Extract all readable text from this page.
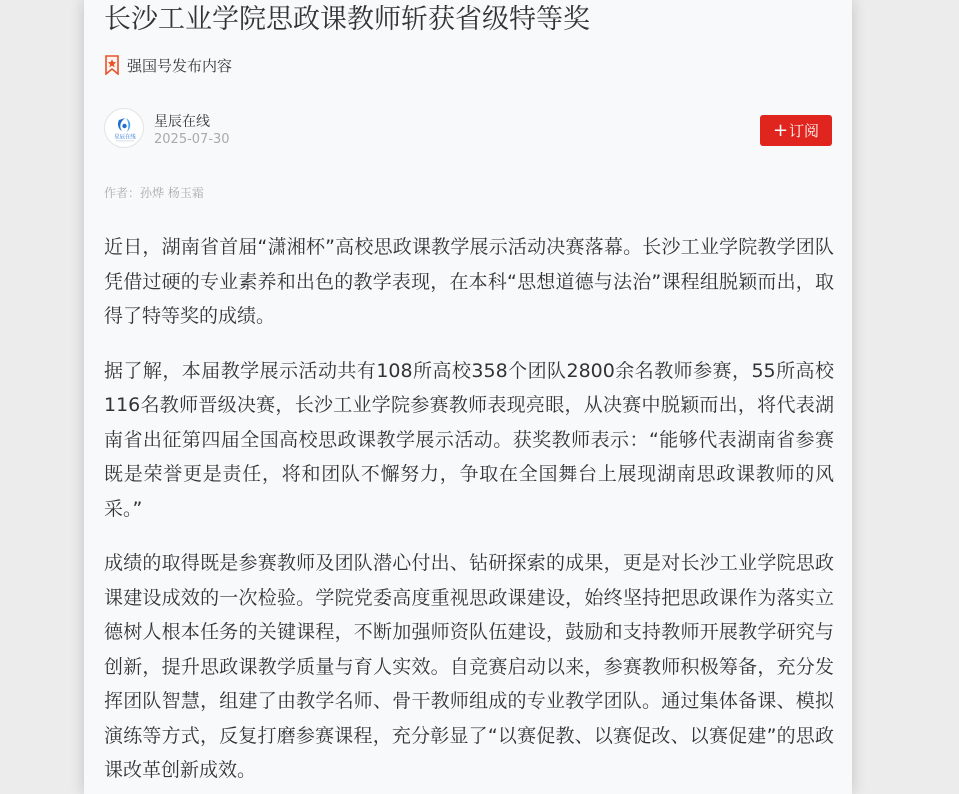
长沙工业学院思政课教师斩获省级特等奖
强国号发布内容
星辰在线
星辰在线
2025-07-30	+ 订阅
作者：孙烨 杨玉霜

近日，湖南省首届“潇湘杯”高校思政课教学展示活动决赛落幕。长沙工业学院教学团队凭借过硬的专业素养和出色的教学表现，在本科“思想道德与法治”课程组脱颖而出，取得了特等奖的成绩。

据了解，本届教学展示活动共有108所高校358个团队2800余名教师参赛，55所高校116名教师晋级决赛，长沙工业学院参赛教师表现亮眼，从决赛中脱颖而出，将代表湖南省出征第四届全国高校思政课教学展示活动。获奖教师表示：“能够代表湖南省参赛既是荣誉更是责任，将和团队不懈努力，争取在全国舞台上展现湖南思政课教师的风采。”

成绩的取得既是参赛教师及团队潜心付出、钻研探索的成果，更是对长沙工业学院思政课建设成效的一次检验。学院党委高度重视思政课建设，始终坚持把思政课作为落实立德树人根本任务的关键课程，不断加强师资队伍建设，鼓励和支持教师开展教学研究与创新，提升思政课教学质量与育人实效。自竞赛启动以来，参赛教师积极筹备，充分发挥团队智慧，组建了由教学名师、骨干教师组成的专业教学团队。通过集体备课、模拟演练等方式，反复打磨参赛课程，充分彰显了“以赛促教、以赛促改、以赛促建”的思政课改革创新成效。
